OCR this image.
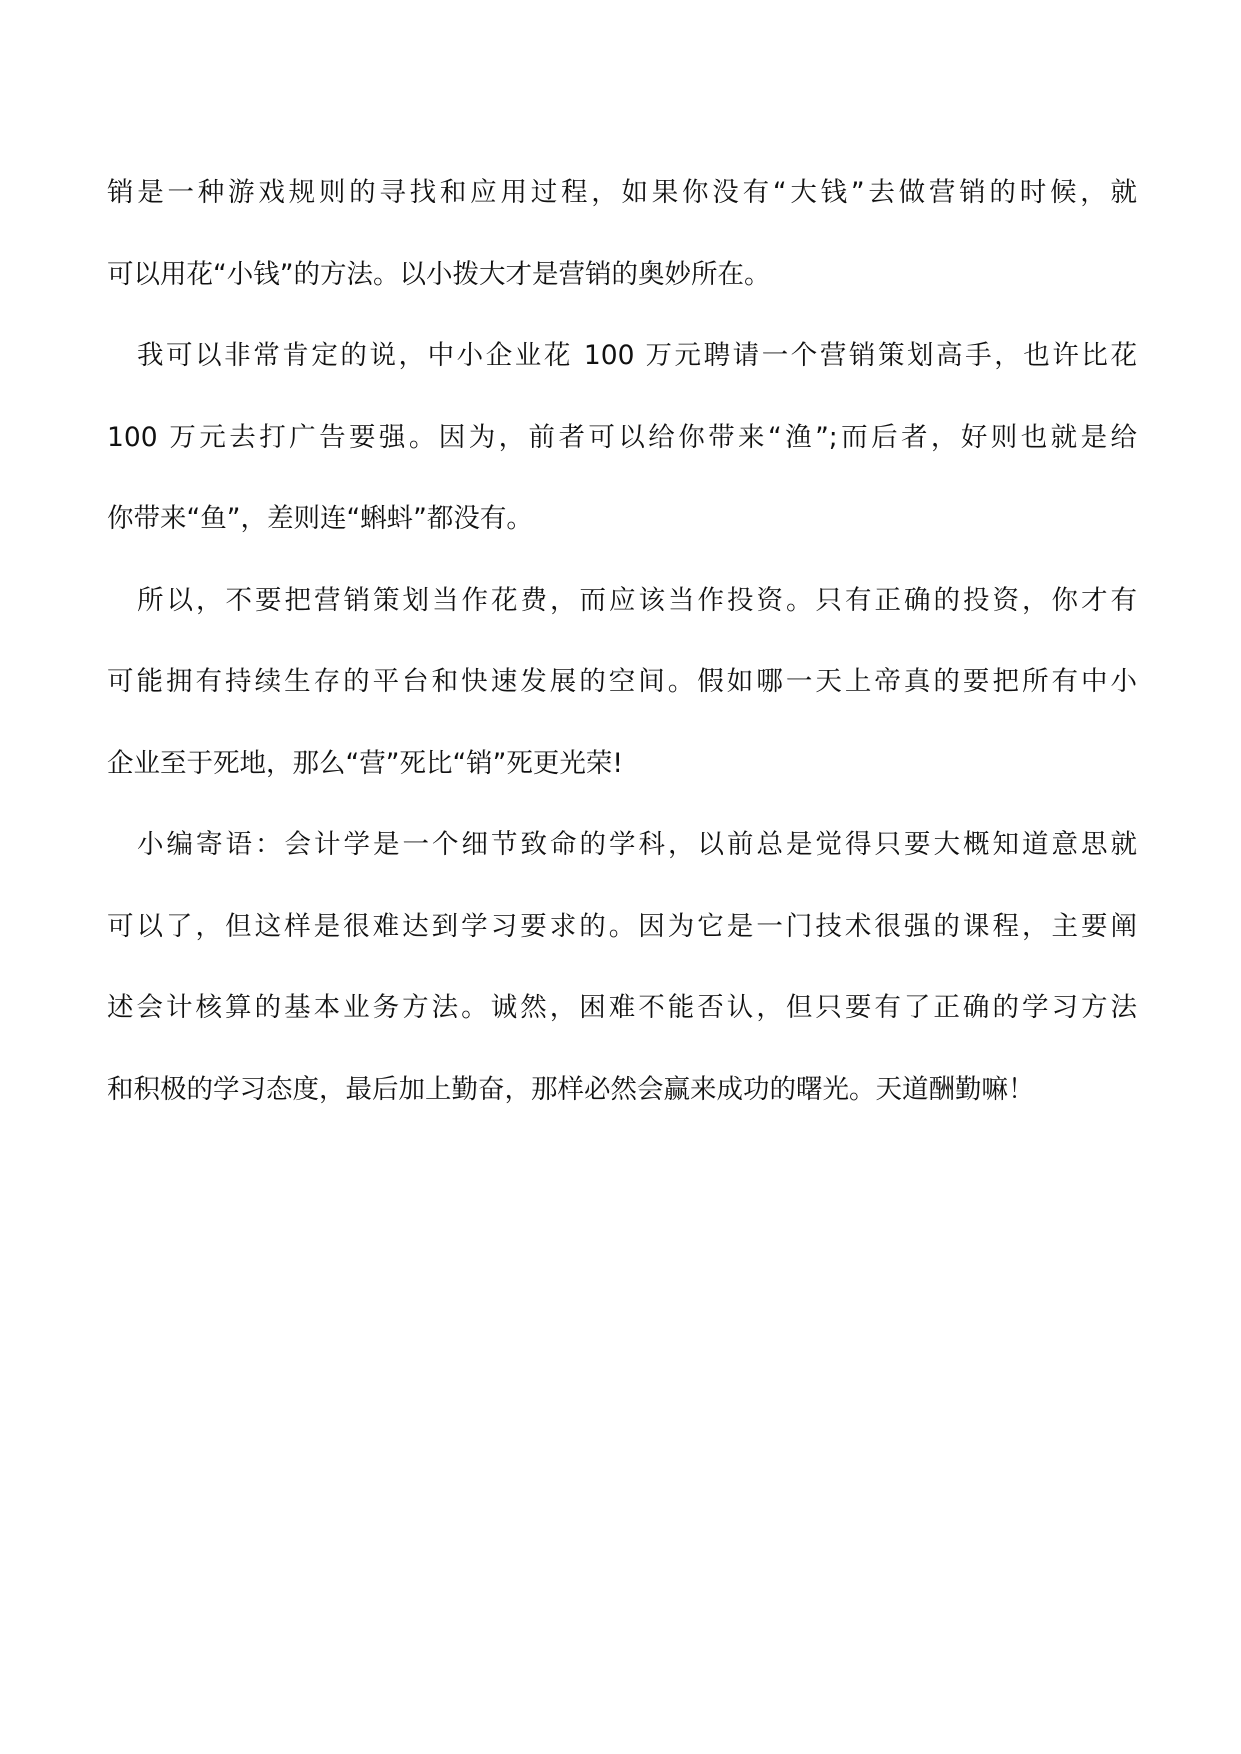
销是一种游戏规则的寻找和应用过程，如果你没有“大钱”去做营销的时候，就
可以用花“小钱”的方法。以小拨大才是营销的奥妙所在。
我可以非常肯定的说，中小企业花 100 万元聘请一个营销策划高手，也许比花
100 万元去打广告要强。因为，前者可以给你带来“渔”;而后者，好则也就是给
你带来“鱼”，差则连“蝌蚪”都没有。
所以，不要把营销策划当作花费，而应该当作投资。只有正确的投资，你才有
可能拥有持续生存的平台和快速发展的空间。假如哪一天上帝真的要把所有中小
企业至于死地，那么“营”死比“销”死更光荣!
小编寄语：会计学是一个细节致命的学科，以前总是觉得只要大概知道意思就
可以了，但这样是很难达到学习要求的。因为它是一门技术很强的课程，主要阐
述会计核算的基本业务方法。诚然，困难不能否认，但只要有了正确的学习方法
和积极的学习态度，最后加上勤奋，那样必然会赢来成功的曙光。天道酬勤嘛！
